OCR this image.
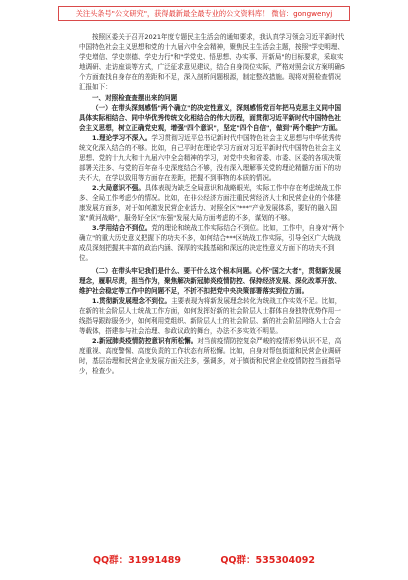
关注头条号"公文研究"，获得最新最全最专业的公文资料库！ 微信：gongwenyj

按照区委关于召开2021年度专题民主生活会的通知要求，我认真学习领会习近平新时代中国特色社会主义思想和党的十九届六中全会精神，聚焦民主生活会主题，按照"学史明理、学史增信、学史崇德、学史力行"和"学党史、悟思想、办实事、开新局"的目标要求，采取实地调研、走访座谈等方式，广泛征求意见建议，结合自身岗位实际，严格对照会议方案明确5个方面查找自身存在的差距和不足，深入剖析问题根源，制定整改措施。现将对照检查情况汇报如下：

一、对照检查查摆出来的问题

（一）在带头深刻感悟"两个确立"的决定性意义，深刻感悟党百年把马克思主义同中国具体实际相结合、同中华优秀传统文化相结合的伟大历程，面贯彻习近平新时代中国特色社会主义思想，树立正确党史观，增强"四个意识"，坚定"四个自信"，做到"两个维护"方面。

1.理论学习不深入。学习贯彻习近平总书记新时代中国特色社会主义思想与中华优秀传统文化深入结合的不够。比如，自己平时在理论学习方面对习近平新时代中国特色社会主义思想、党的十九大和十九届六中全会精神的学习，对党中央和省委、市委、区委的各项决策部署关注多、与党的百年奋斗史深度结合不够，没有深入理解事关党的理论精髓方面下的功夫不大，在学以致用等方面存在差距，把握不到事物的本质的情况。

2.大局意识不强。具体表现为缺乏全局意识和战略眼光，实际工作中存在考虑统战工作多、全局工作考虑少的情况。比如，在非公经济方面注重民营经济人士和民营企业的个体健康发展方面多，对于如何激发民营企业活力、对照全区"***"产业发展体系，要好的融入国家"黄河战略"，服务好全区"东强"发展大局方面考虑的不多，谋划的不够。

3.学用结合不到位。党的理论和统战工作实际结合不到位。比如，工作中，自身对"两个确立"的重大历史意义把握下的功夫不多，如何结合***区统战工作实际，引导全区广大统战成员深刻把握其丰富的政治内涵、深厚的实践基础和深远的决定性意义方面下的功夫不到位。

（二）在带头牢记我们是什么、要干什么这个根本问题。心怀"国之大者"，贯彻新发展理念，履职尽责，担当作为，聚焦解决新冠肺炎疫情防控、保持经济发展、深化改革开放、维护社会稳定等工作中的问题不足，不折不扣把党中央决策部署落实到位方面。

1.贯彻新发展理念不到位。主要表现为将新发展理念转化为统战工作实效不足。比如，在新的社会阶层人士统战工作方面，如何发挥好新的社会阶层人士群体自身独特优势作用一线指导跟踪服务少，如何利用党组织、新阶层人士的社会阶层、新的社会阶层网络人士合会等载体，搭建参与社会治理、参政议政的舞台，办法不多实效不明显。

2.新冠肺炎疫情防控意识有所松懈。对当前疫情防控复杂严峻的疫情形势认识不足，高度重视、高度警惕、高度负责的工作状态有所松懈。比如，自身对帮包街道和民营企业调研时，基层治理和民营企业发展方面关注多，强调多，对于镇街和民营企业疫情防控当面指导少，检查少。

QQ群：31991489	QQ群：535304092
